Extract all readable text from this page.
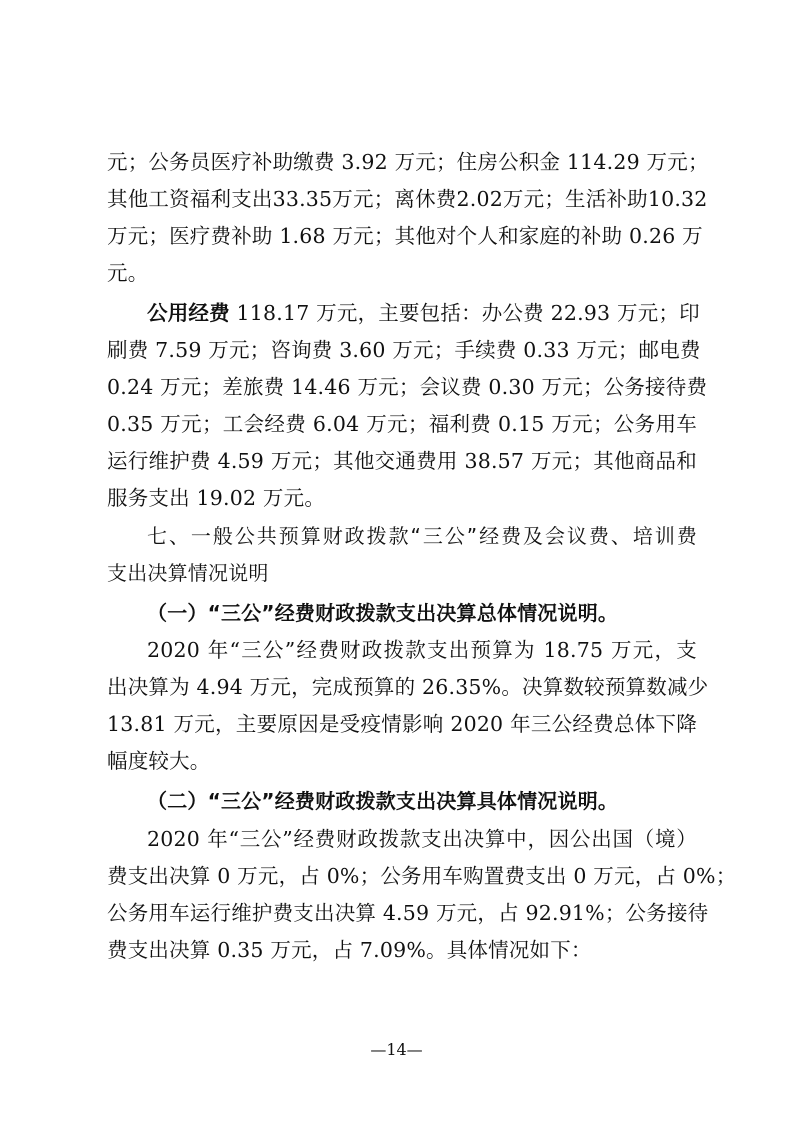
元；公务员医疗补助缴费 3.92 万元；住房公积金 114.29 万元；
其他工资福利支出33.35万元；离休费2.02万元；生活补助10.32
万元；医疗费补助 1.68 万元；其他对个人和家庭的补助 0.26 万
元。
公用经费 118.17 万元，主要包括：办公费 22.93 万元；印
刷费 7.59 万元；咨询费 3.60 万元；手续费 0.33 万元；邮电费
0.24 万元；差旅费 14.46 万元；会议费 0.30 万元；公务接待费
0.35 万元；工会经费 6.04 万元；福利费 0.15 万元；公务用车
运行维护费 4.59 万元；其他交通费用 38.57 万元；其他商品和
服务支出 19.02 万元。
七、一般公共预算财政拨款“三公”经费及会议费、培训费
支出决算情况说明
（一）“三公”经费财政拨款支出决算总体情况说明。
2020 年“三公”经费财政拨款支出预算为 18.75 万元，支
出决算为 4.94 万元，完成预算的 26.35%。决算数较预算数减少
13.81 万元，主要原因是受疫情影响 2020 年三公经费总体下降
幅度较大。
（二）“三公”经费财政拨款支出决算具体情况说明。
2020 年“三公”经费财政拨款支出决算中，因公出国（境）
费支出决算 0 万元，占 0%；公务用车购置费支出 0 万元，占 0%；
公务用车运行维护费支出决算 4.59 万元，占 92.91%；公务接待
费支出决算 0.35 万元，占 7.09%。具体情况如下：
—14—
